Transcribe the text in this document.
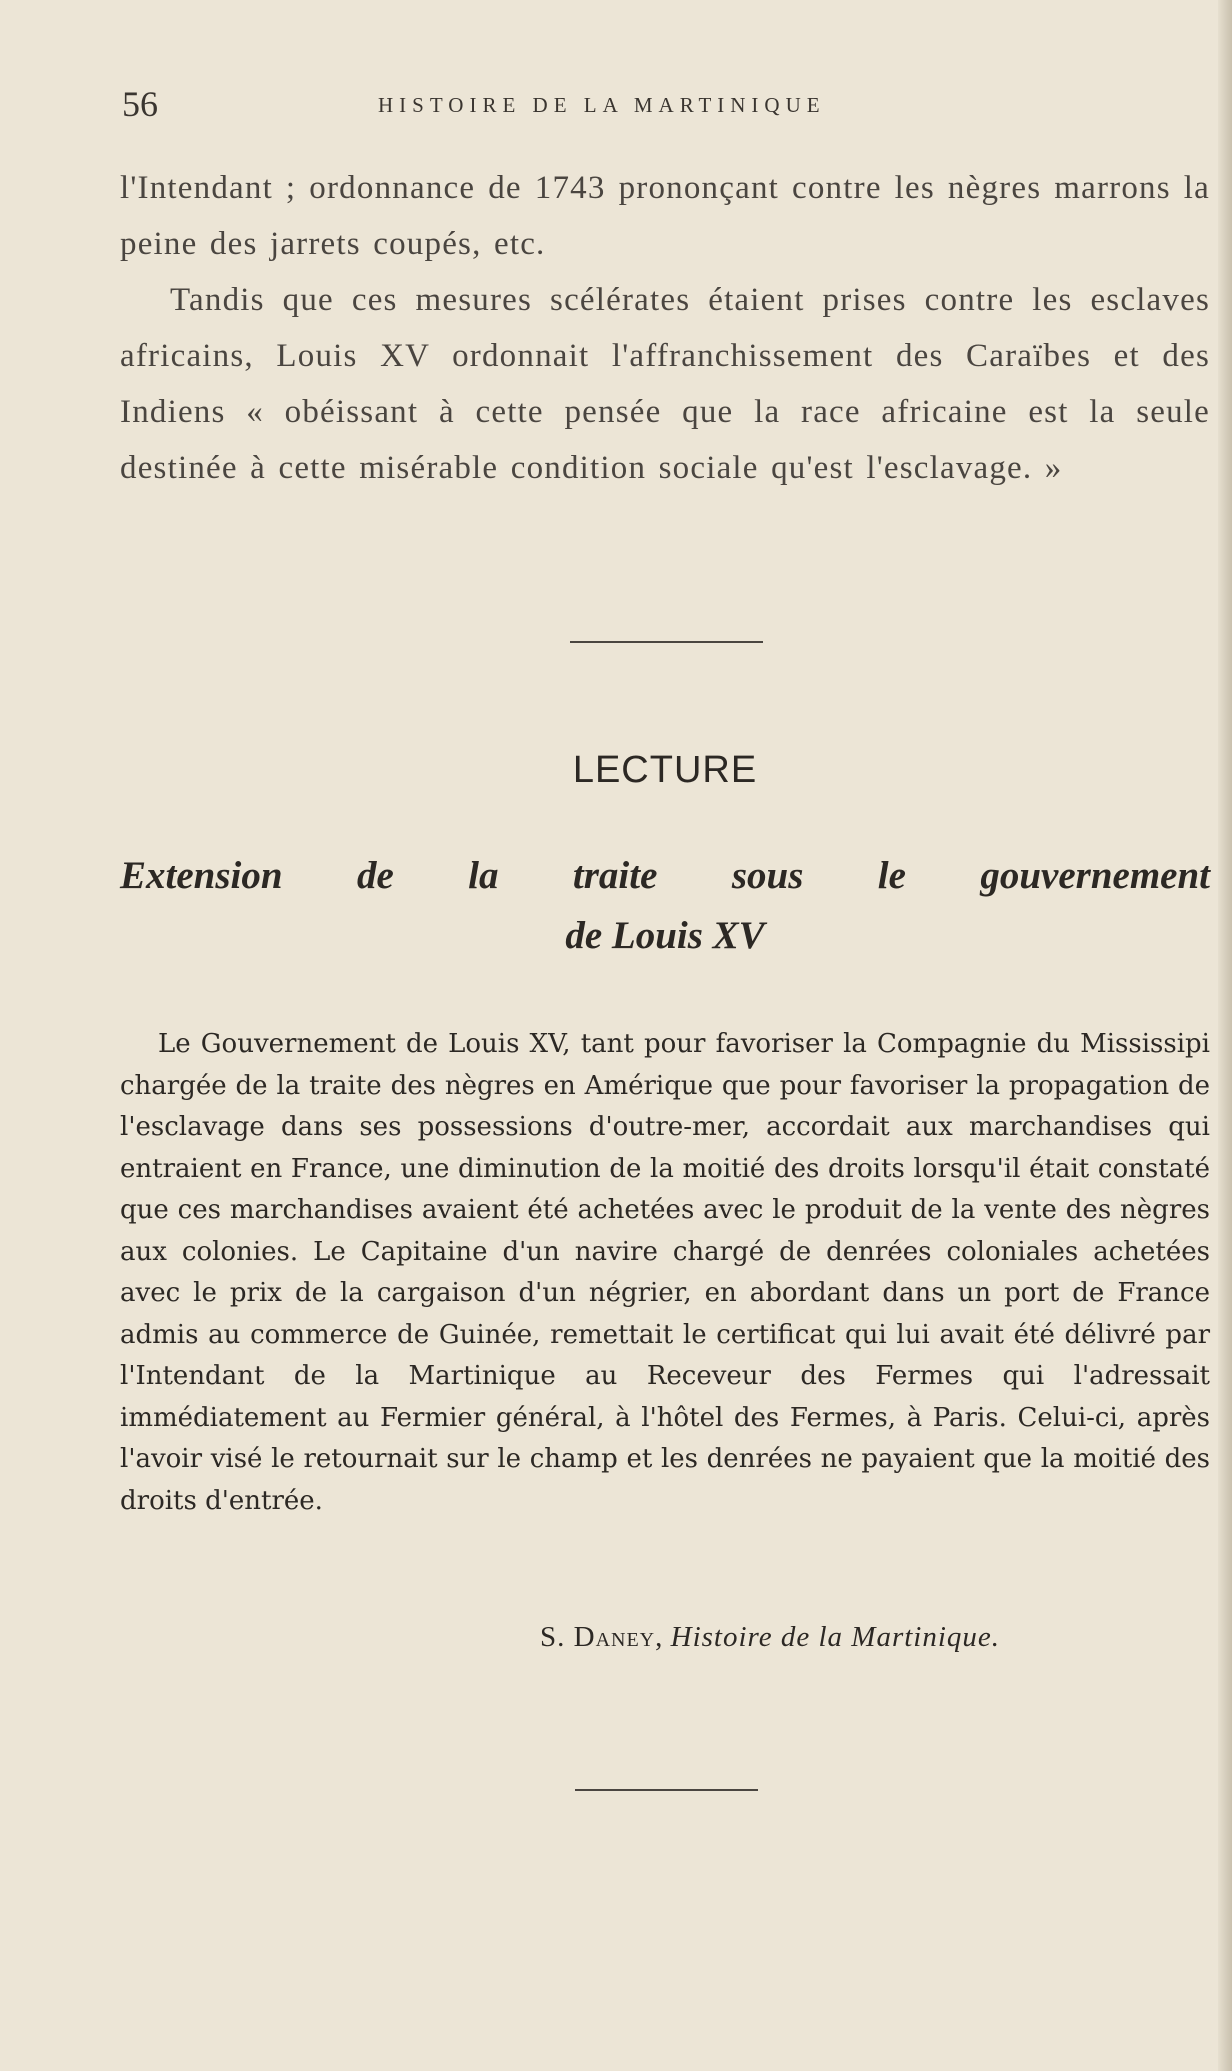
56	HISTOIRE DE LA MARTINIQUE

l'Intendant ; ordonnance de 1743 prononçant contre les nègres marrons la peine des jarrets coupés, etc.

Tandis que ces mesures scélérates étaient prises contre les esclaves africains, Louis XV ordonnait l'affranchissement des Caraïbes et des Indiens « obéissant à cette pensée que la race africaine est la seule destinée à cette misérable condition sociale qu'est l'esclavage. »

LECTURE
Extension de la traite sous le gouvernement
de Louis XV

Le Gouvernement de Louis XV, tant pour favoriser la Compagnie du Mississipi chargée de la traite des nègres en Amérique que pour favoriser la propagation de l'esclavage dans ses possessions d'outre-mer, accordait aux marchandises qui entraient en France, une diminution de la moitié des droits lorsqu'il était constaté que ces marchandises avaient été achetées avec le produit de la vente des nègres aux colonies. Le Capitaine d'un navire chargé de denrées coloniales achetées avec le prix de la cargaison d'un négrier, en abordant dans un port de France admis au commerce de Guinée, remettait le certificat qui lui avait été délivré par l'Intendant de la Martinique au Receveur des Fermes qui l'adressait immédiatement au Fermier général, à l'hôtel des Fermes, à Paris. Celui-ci, après l'avoir visé le retournait sur le champ et les denrées ne payaient que la moitié des droits d'entrée.

S. Daney, Histoire de la Martinique.
